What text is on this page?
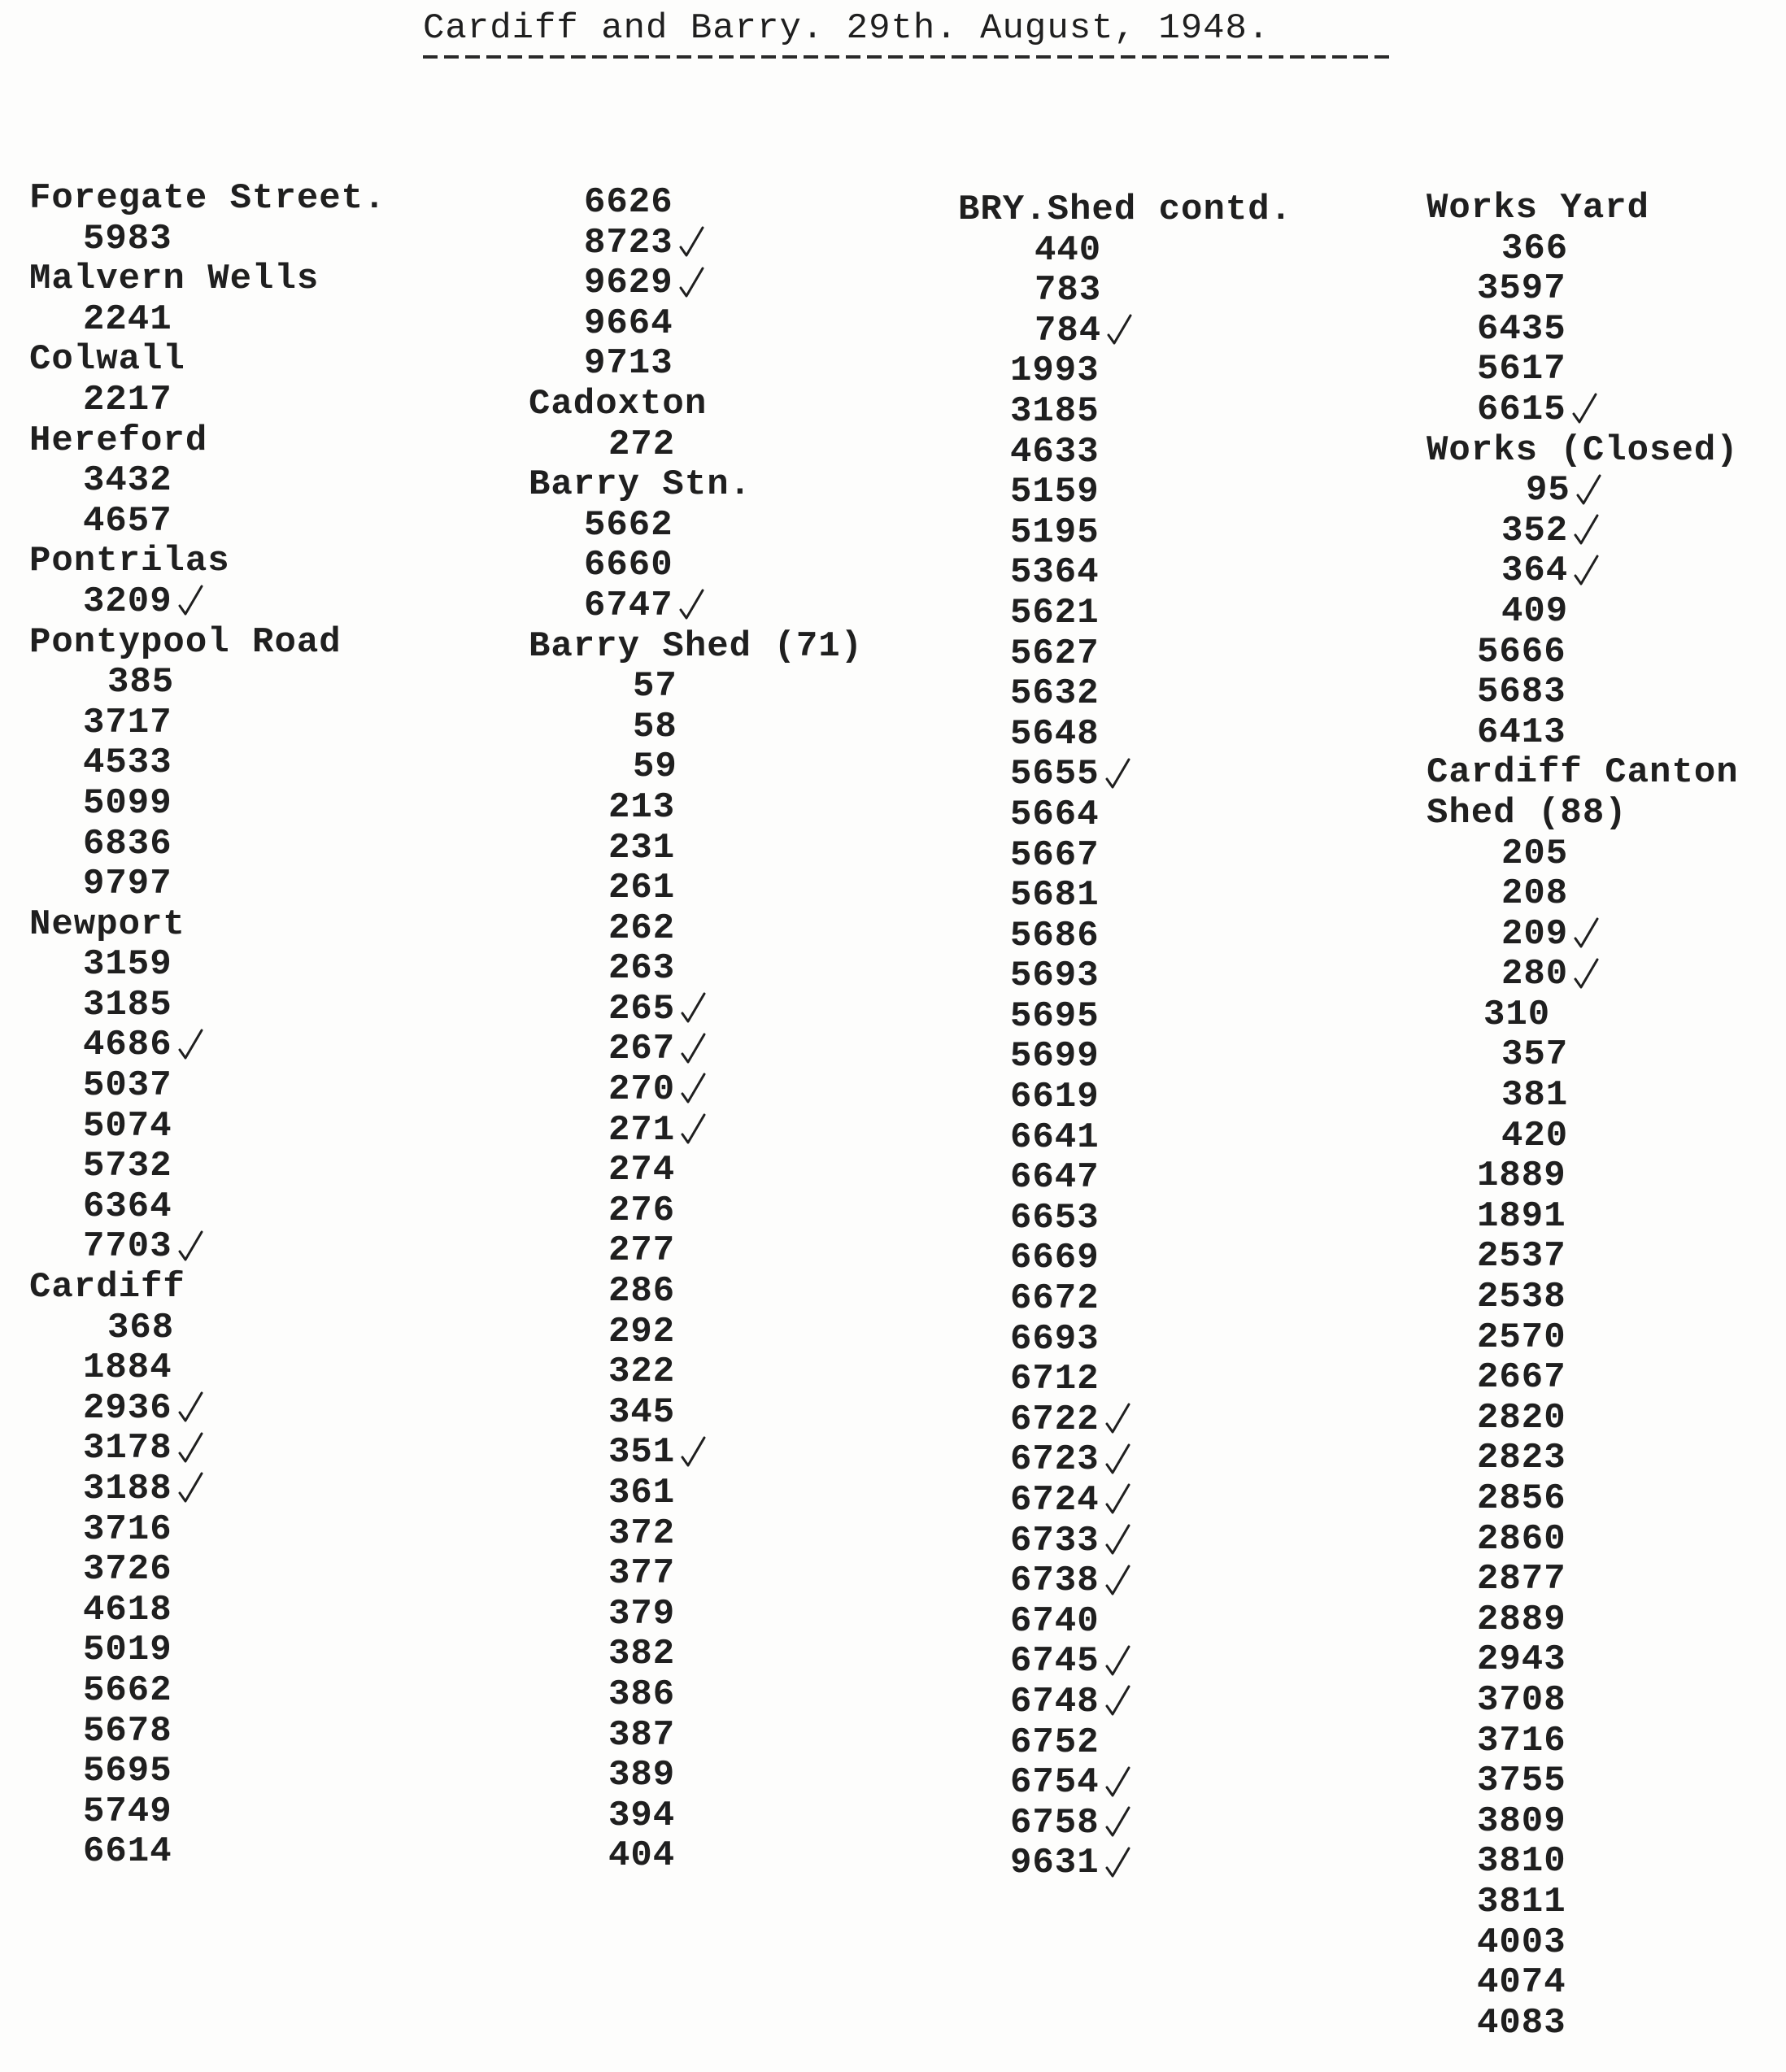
Cardiff and Barry. 29th. August, 1948.
Foregate Street.
5983
Malvern Wells
2241
Colwall
2217
Hereford
3432
4657
Pontrilas
3209
Pontypool Road
385
3717
4533
5099
6836
9797
Newport
3159
3185
4686
5037
5074
5732
6364
7703
Cardiff
368
1884
2936
3178
3188
3716
3726
4618
5019
5662
5678
5695
5749
6614
6626
8723
9629
9664
9713
Cadoxton
272
Barry Stn.
5662
6660
6747
Barry Shed (71)
57
58
59
213
231
261
262
263
265
267
270
271
274
276
277
286
292
322
345
351
361
372
377
379
382
386
387
389
394
404
BRY.Shed contd.
440
783
784
1993
3185
4633
5159
5195
5364
5621
5627
5632
5648
5655
5664
5667
5681
5686
5693
5695
5699
6619
6641
6647
6653
6669
6672
6693
6712
6722
6723
6724
6733
6738
6740
6745
6748
6752
6754
6758
9631
Works Yard
366
3597
6435
5617
6615
Works (Closed)
95
352
364
409
5666
5683
6413
Cardiff Canton
Shed (88)
205
208
209
280
310
357
381
420
1889
1891
2537
2538
2570
2667
2820
2823
2856
2860
2877
2889
2943
3708
3716
3755
3809
3810
3811
4003
4074
4083
